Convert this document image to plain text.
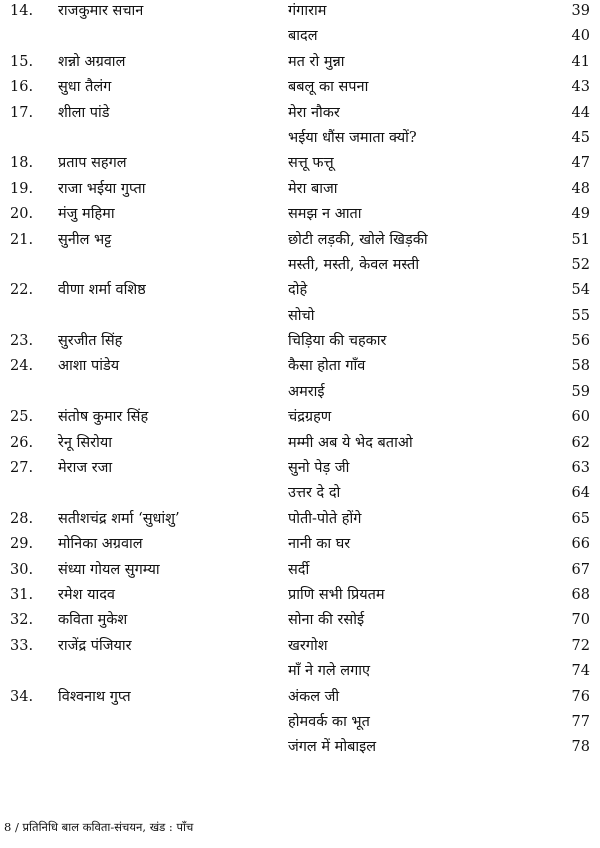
14.	राजकुमार सचान	गंगाराम	39
बादल	40
15.	शन्नो अग्रवाल	मत रो मुन्ना	41
16.	सुधा तैलंग	बबलू का सपना	43
17.	शीला पांडे	मेरा नौकर	44
भईया धौंस जमाता क्यों?	45
18.	प्रताप सहगल	सत्तू फत्तू	47
19.	राजा भईया गुप्ता	मेरा बाजा	48
20.	मंजु महिमा	समझ न आता	49
21.	सुनील भट्ट	छोटी लड़की, खोले खिड़की	51
मस्ती, मस्ती, केवल मस्ती	52
22.	वीणा शर्मा वशिष्ठ	दोहे	54
सोचो	55
23.	सुरजीत सिंह	चिड़िया की चहकार	56
24.	आशा पांडेय	कैसा होता गाँव	58
अमराई	59
25.	संतोष कुमार सिंह	चंद्रग्रहण	60
26.	रेनू सिरोया	मम्मी अब ये भेद बताओ	62
27.	मेराज रजा	सुनो पेड़ जी	63
उत्तर दे दो	64
28.	सतीशचंद्र शर्मा ‘सुधांशु’	पोती-पोते होंगे	65
29.	मोनिका अग्रवाल	नानी का घर	66
30.	संध्या गोयल सुगम्या	सर्दी	67
31.	रमेश यादव	प्राणि सभी प्रियतम	68
32.	कविता मुकेश	सोना की रसोई	70
33.	राजेंद्र पंजियार	खरगोश	72
माँ ने गले लगाए	74
34.	विश्वनाथ गुप्त	अंकल जी	76
होमवर्क का भूत	77
जंगल में मोबाइल	78
8 / प्रतिनिधि बाल कविता-संचयन, खंड : पाँच
